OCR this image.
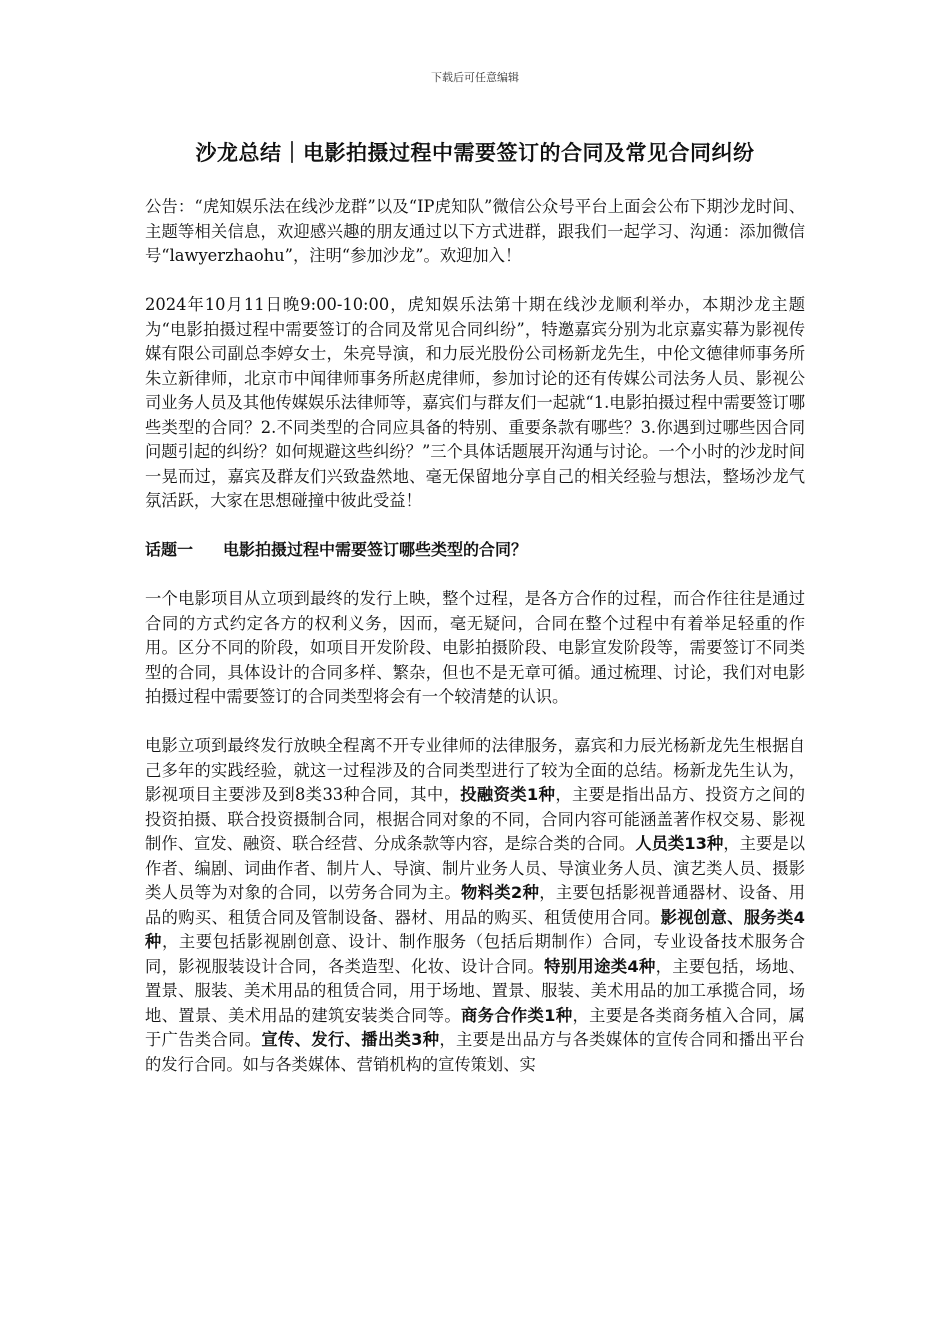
下载后可任意编辑
沙龙总结｜电影拍摄过程中需要签订的合同及常见合同纠纷

公告：“虎知娱乐法在线沙龙群”以及“IP虎知队”微信公众号平台上面会公布下期沙龙时间、主题等相关信息，欢迎感兴趣的朋友通过以下方式进群，跟我们一起学习、沟通：添加微信号“lawyerzhaohu”，注明“参加沙龙”。欢迎加入！

2024年10月11日晚9:00-10:00，虎知娱乐法第十期在线沙龙顺利举办，本期沙龙主题为“电影拍摄过程中需要签订的合同及常见合同纠纷”，特邀嘉宾分别为北京嘉实幕为影视传媒有限公司副总李婷女士，朱亮导演，和力辰光股份公司杨新龙先生，中伦文德律师事务所朱立新律师，北京市中闻律师事务所赵虎律师，参加讨论的还有传媒公司法务人员、影视公司业务人员及其他传媒娱乐法律师等，嘉宾们与群友们一起就“1.电影拍摄过程中需要签订哪些类型的合同？2.不同类型的合同应具备的特别、重要条款有哪些？3.你遇到过哪些因合同问题引起的纠纷？如何规避这些纠纷？”三个具体话题展开沟通与讨论。一个小时的沙龙时间一晃而过，嘉宾及群友们兴致盎然地、毫无保留地分享自己的相关经验与想法，整场沙龙气氛活跃，大家在思想碰撞中彼此受益！

话题一 电影拍摄过程中需要签订哪些类型的合同？

一个电影项目从立项到最终的发行上映，整个过程，是各方合作的过程，而合作往往是通过合同的方式约定各方的权利义务，因而，毫无疑问，合同在整个过程中有着举足轻重的作用。区分不同的阶段，如项目开发阶段、电影拍摄阶段、电影宣发阶段等，需要签订不同类型的合同，具体设计的合同多样、繁杂，但也不是无章可循。通过梳理、讨论，我们对电影拍摄过程中需要签订的合同类型将会有一个较清楚的认识。

电影立项到最终发行放映全程离不开专业律师的法律服务，嘉宾和力辰光杨新龙先生根据自己多年的实践经验，就这一过程涉及的合同类型进行了较为全面的总结。杨新龙先生认为，影视项目主要涉及到8类33种合同，其中，投融资类1种，主要是指出品方、投资方之间的投资拍摄、联合投资摄制合同，根据合同对象的不同，合同内容可能涵盖著作权交易、影视制作、宣发、融资、联合经营、分成条款等内容，是综合类的合同。人员类13种，主要是以作者、编剧、词曲作者、制片人、导演、制片业务人员、导演业务人员、演艺类人员、摄影类人员等为对象的合同，以劳务合同为主。物料类2种，主要包括影视普通器材、设备、用品的购买、租赁合同及管制设备、器材、用品的购买、租赁使用合同。影视创意、服务类4种，主要包括影视剧创意、设计、制作服务（包括后期制作）合同，专业设备技术服务合同，影视服装设计合同，各类造型、化妆、设计合同。特别用途类4种，主要包括，场地、置景、服装、美术用品的租赁合同，用于场地、置景、服装、美术用品的加工承揽合同，场地、置景、美术用品的建筑安装类合同等。商务合作类1种，主要是各类商务植入合同，属于广告类合同。宣传、发行、播出类3种，主要是出品方与各类媒体的宣传合同和播出平台的发行合同。如与各类媒体、营销机构的宣传策划、实
